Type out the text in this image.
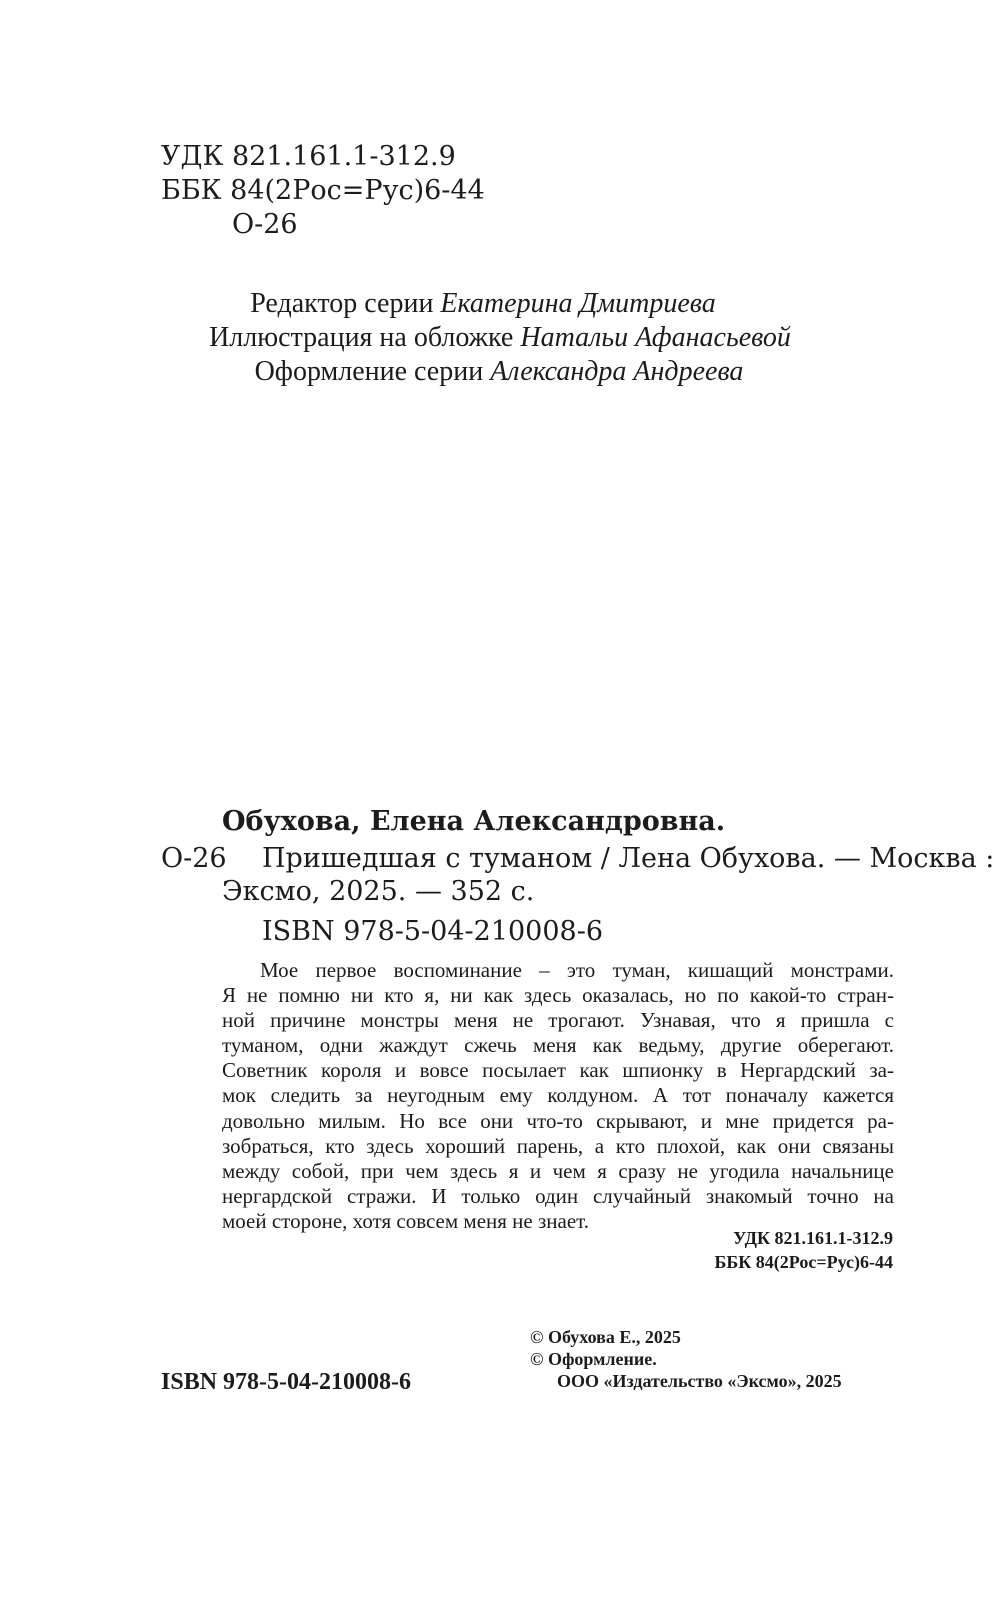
УДК 821.161.1-312.9
ББК 84(2Рос=Рус)6-44
О-26
Редактор серии Екатерина Дмитриева
Иллюстрация на обложке Натальи Афанасьевой
Оформление серии Александра Андреева
Обухова, Елена Александровна.
О-26 Пришедшая с туманом / Лена Обухова. — Москва :
Эксмо, 2025. — 352 с.
ISBN 978-5-04-210008-6
Мое первое воспоминание – это туман, кишащий монстрами.
Я не помню ни кто я, ни как здесь оказалась, но по какой-то стран-
ной причине монстры меня не трогают. Узнавая, что я пришла с
туманом, одни жаждут сжечь меня как ведьму, другие оберегают.
Советник короля и вовсе посылает как шпионку в Нергардский за-
мок следить за неугодным ему колдуном. А тот поначалу кажется
довольно милым. Но все они что-то скрывают, и мне придется ра-
зобраться, кто здесь хороший парень, а кто плохой, как они связаны
между собой, при чем здесь я и чем я сразу не угодила начальнице
нергардской стражи. И только один случайный знакомый точно на
моей стороне, хотя совсем меня не знает.
УДК 821.161.1-312.9
ББК 84(2Рос=Рус)6-44
ISBN 978-5-04-210008-6
© Обухова Е., 2025
© Оформление.
ООО «Издательство «Эксмо», 2025
